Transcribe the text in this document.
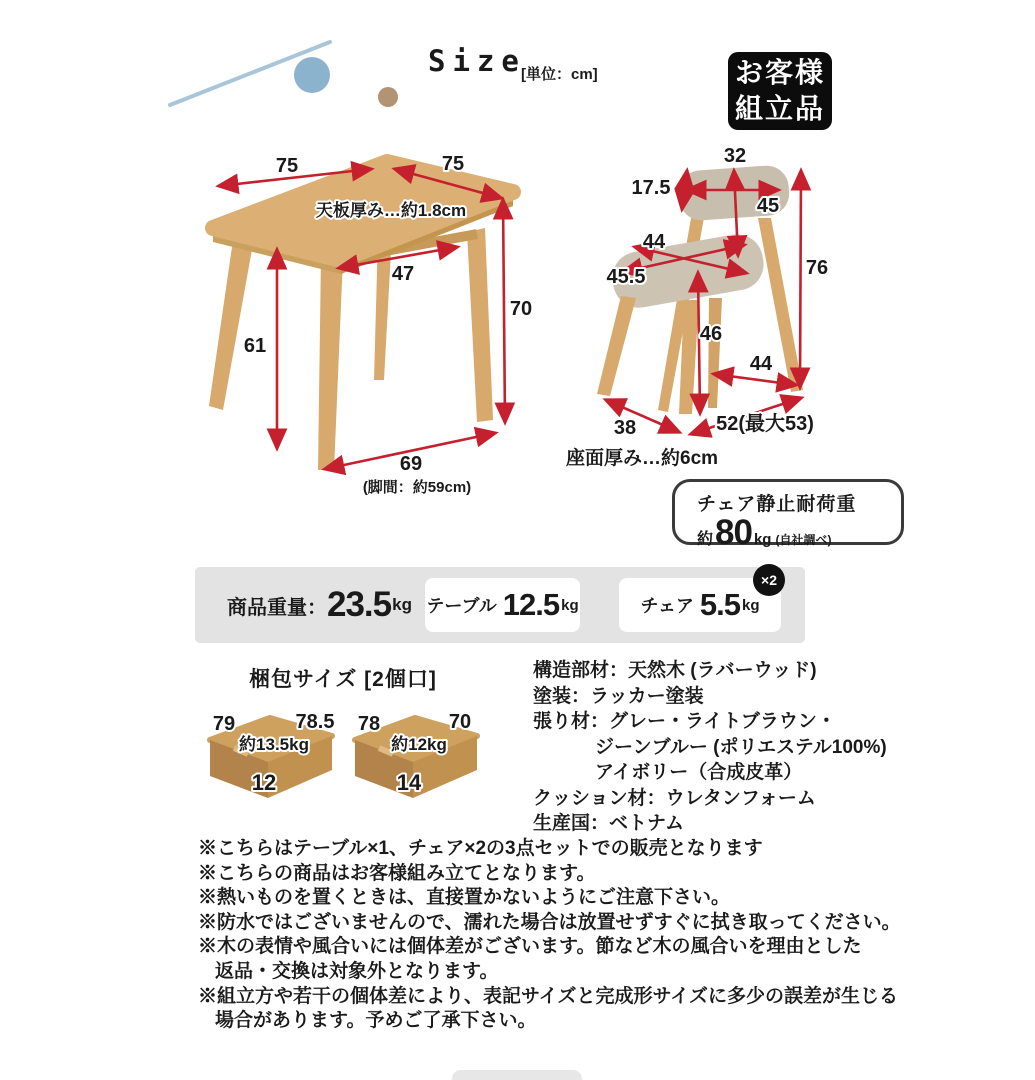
Size
[単位：cm]	お客様
組立品
75	75
天板厚み…約1.8cm
47
61
70
69
(脚間：約59cm)
32
17.5
45
44
45.5
46
76
44
38	52(最大53)
座面厚み…約6cm
チェア静止耐荷重
約 80 kg (自社調べ)
商品重量： 23.5 kg テーブル 12.5 kg	チェア 5.5 kg
×2
梱包サイズ [2個口]
79	78.5
約13.5kg
12
78	70
約12kg
14
構造部材：天然木 (ラバーウッド)
塗装：ラッカー塗装
張り材：グレー・ライトブラウン・
ジーンブルー (ポリエステル100%)
アイボリー（合成皮革）
クッション材：ウレタンフォーム
生産国：ベトナム
※こちらはテーブル×1、チェア×2の3点セットでの販売となります
※こちらの商品はお客様組み立てとなります。
※熱いものを置くときは、直接置かないようにご注意下さい。
※防水ではございませんので、濡れた場合は放置せずすぐに拭き取ってください。
※木の表情や風合いには個体差がございます。節など木の風合いを理由とした
返品・交換は対象外となります。
※組立方や若干の個体差により、表記サイズと完成形サイズに多少の誤差が生じる
場合があります。予めご了承下さい。
